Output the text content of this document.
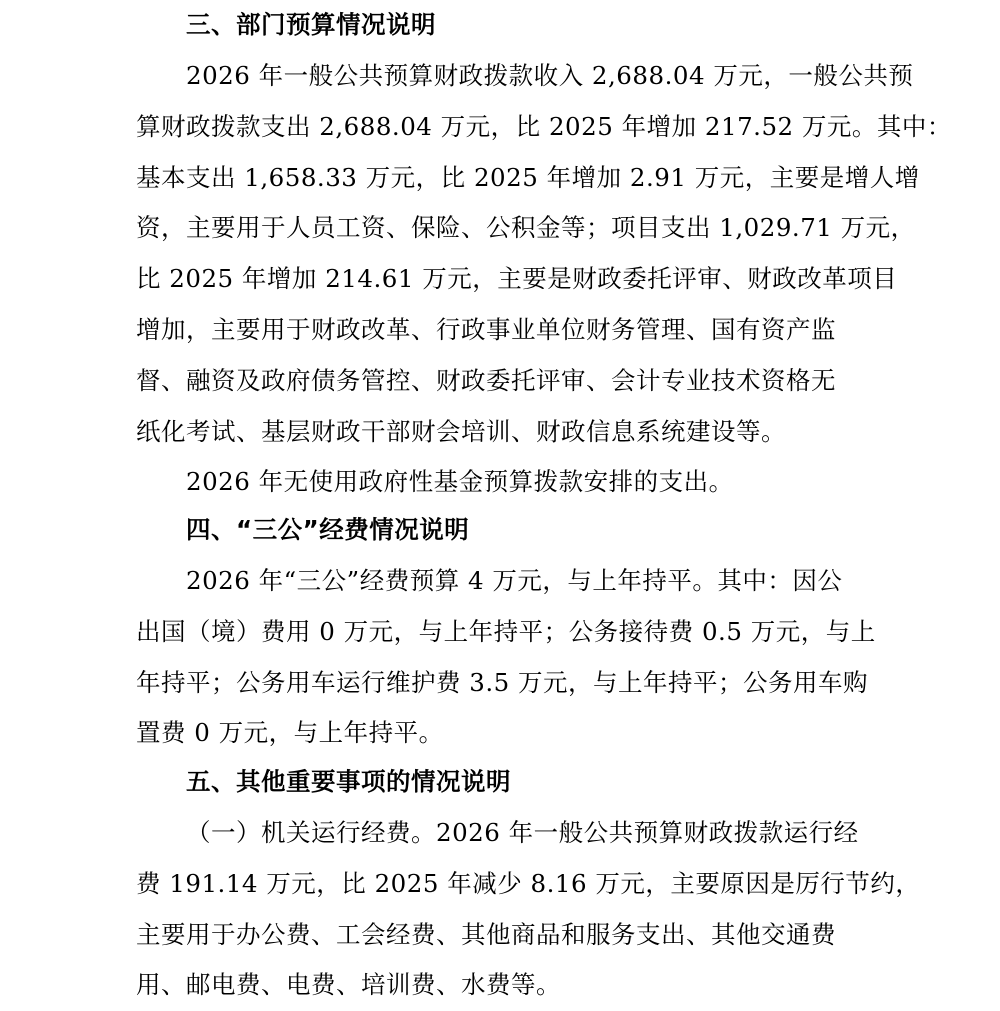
三、部门预算情况说明

2026 年一般公共预算财政拨款收入 2,688.04 万元，一般公共预
算财政拨款支出 2,688.04 万元，比 2025 年增加 217.52 万元。其中：
基本支出 1,658.33 万元，比 2025 年增加 2.91 万元，主要是增人增
资，主要用于人员工资、保险、公积金等；项目支出 1,029.71 万元，
比 2025 年增加 214.61 万元，主要是财政委托评审、财政改革项目
增加，主要用于财政改革、行政事业单位财务管理、国有资产监
督、融资及政府债务管控、财政委托评审、会计专业技术资格无
纸化考试、基层财政干部财会培训、财政信息系统建设等。

2026 年无使用政府性基金预算拨款安排的支出。

四、“三公”经费情况说明

2026 年“三公”经费预算 4 万元，与上年持平。其中：因公
出国（境）费用 0 万元，与上年持平；公务接待费 0.5 万元，与上
年持平；公务用车运行维护费 3.5 万元，与上年持平；公务用车购
置费 0 万元，与上年持平。

五、其他重要事项的情况说明

（一）机关运行经费。2026 年一般公共预算财政拨款运行经
费 191.14 万元，比 2025 年减少 8.16 万元，主要原因是厉行节约，
主要用于办公费、工会经费、其他商品和服务支出、其他交通费
用、邮电费、电费、培训费、水费等。
